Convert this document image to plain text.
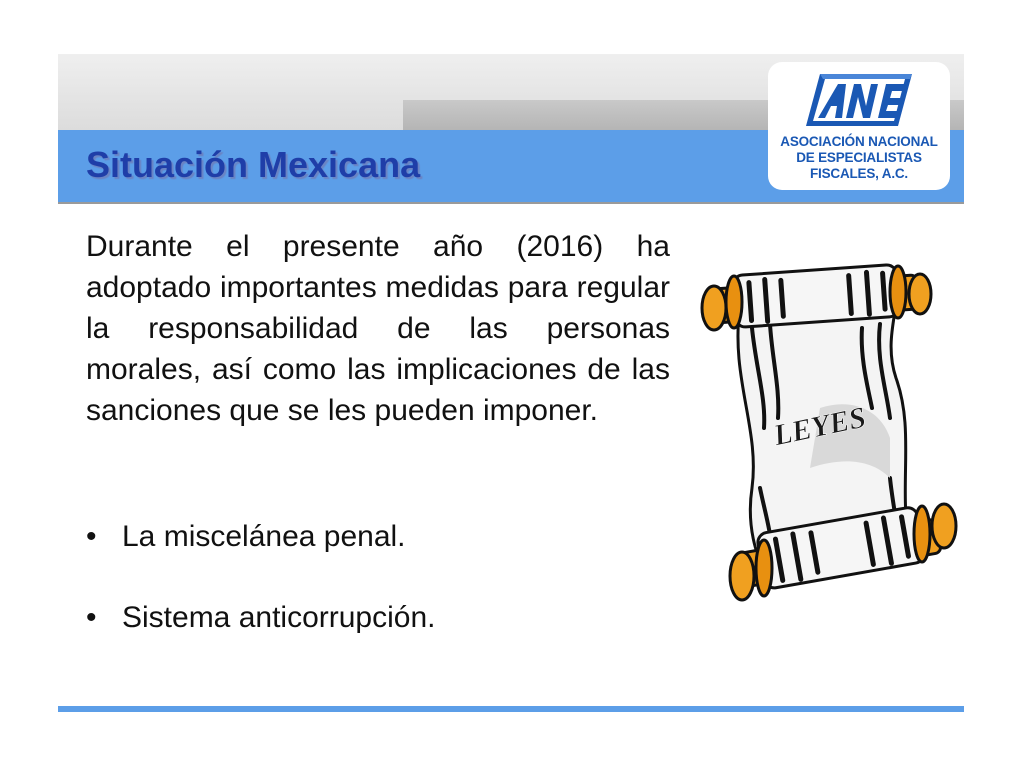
Situación Mexicana
ASOCIACIÓN NACIONAL
DE ESPECIALISTAS
FISCALES, A.C.

Durante el presente año (2016) ha adoptado importantes medidas para regular la responsabilidad de las personas morales, así como las implicaciones de las sanciones que se les pueden imponer.

• La miscelánea penal.
• Sistema anticorrupción.
LEYES
